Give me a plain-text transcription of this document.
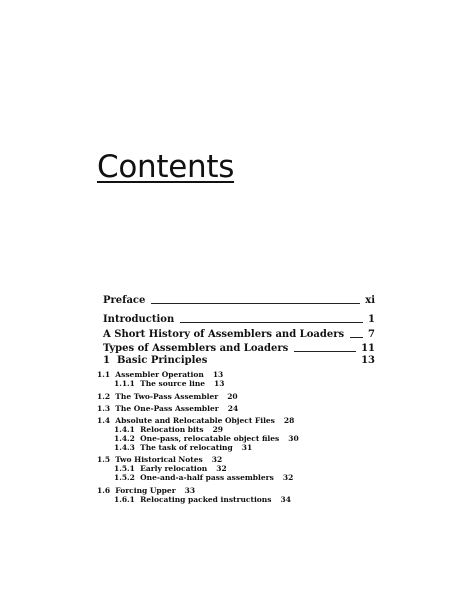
Contents
Preface	xi
Introduction	1
A Short History of Assemblers and Loaders 7
Types of Assemblers and Loaders	11
1 Basic Principles	13
1.1 Assembler Operation 13
1.1.1 The source line 13
1.2 The Two-Pass Assembler 20
1.3 The One-Pass Assembler 24
1.4 Absolute and Relocatable Object Files 28
1.4.1 Relocation bits 29
1.4.2 One-pass, relocatable object files 30
1.4.3 The task of relocating 31
1.5 Two Historical Notes 32
1.5.1 Early relocation 32
1.5.2 One-and-a-half pass assemblers 32
1.6 Forcing Upper 33
1.6.1 Relocating packed instructions 34
